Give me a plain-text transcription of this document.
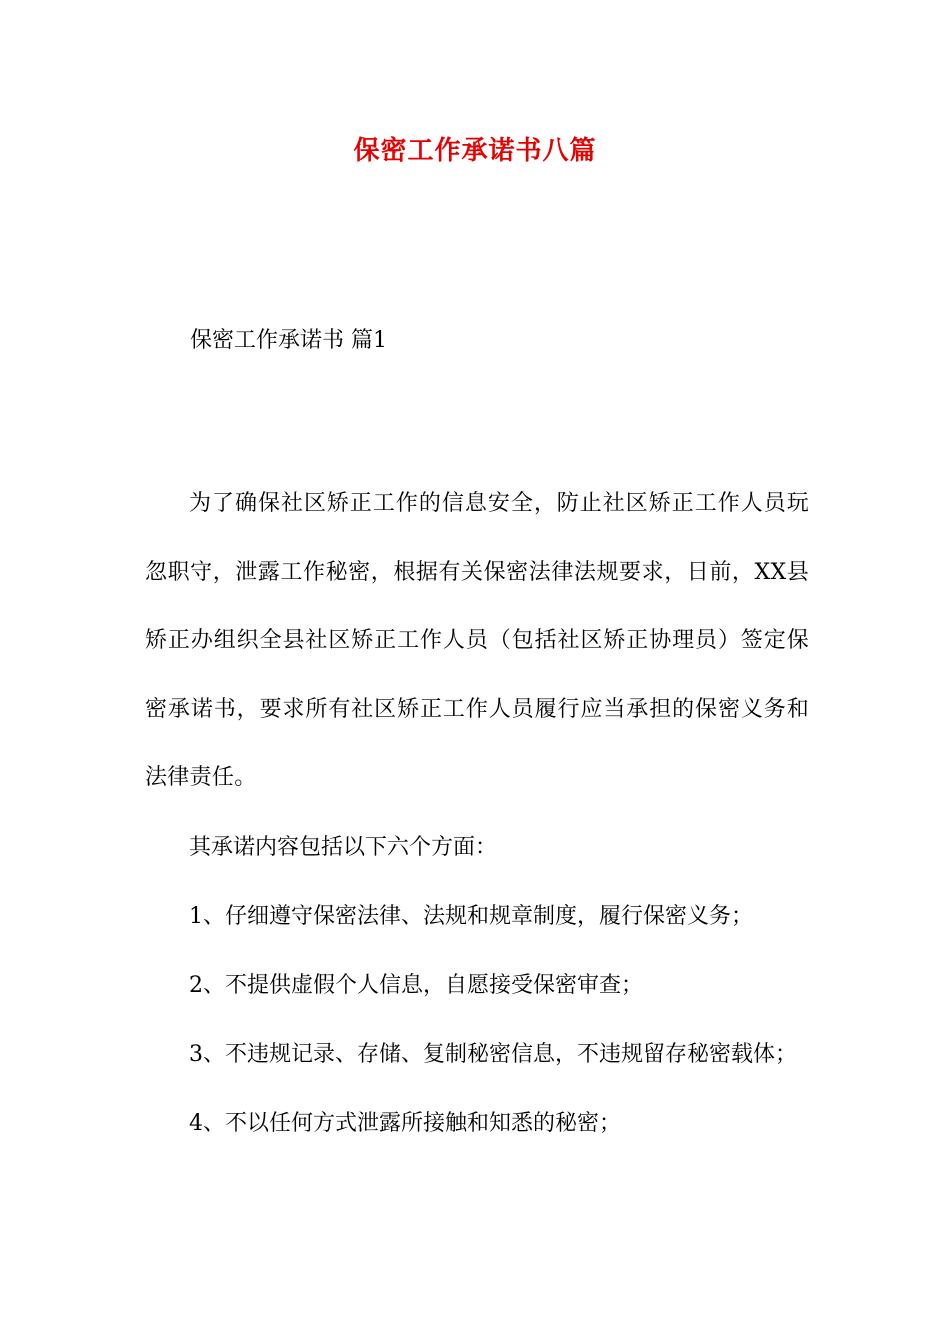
保密工作承诺书八篇
保密工作承诺书 篇1

为了确保社区矫正工作的信息安全，防止社区矫正工作人员玩忽职守，泄露工作秘密，根据有关保密法律法规要求，日前，XX县矫正办组织全县社区矫正工作人员（包括社区矫正协理员）签定保密承诺书，要求所有社区矫正工作人员履行应当承担的保密义务和法律责任。

其承诺内容包括以下六个方面：

1、仔细遵守保密法律、法规和规章制度，履行保密义务；

2、不提供虚假个人信息，自愿接受保密审查；

3、不违规记录、存储、复制秘密信息，不违规留存秘密载体；

4、不以任何方式泄露所接触和知悉的秘密；
